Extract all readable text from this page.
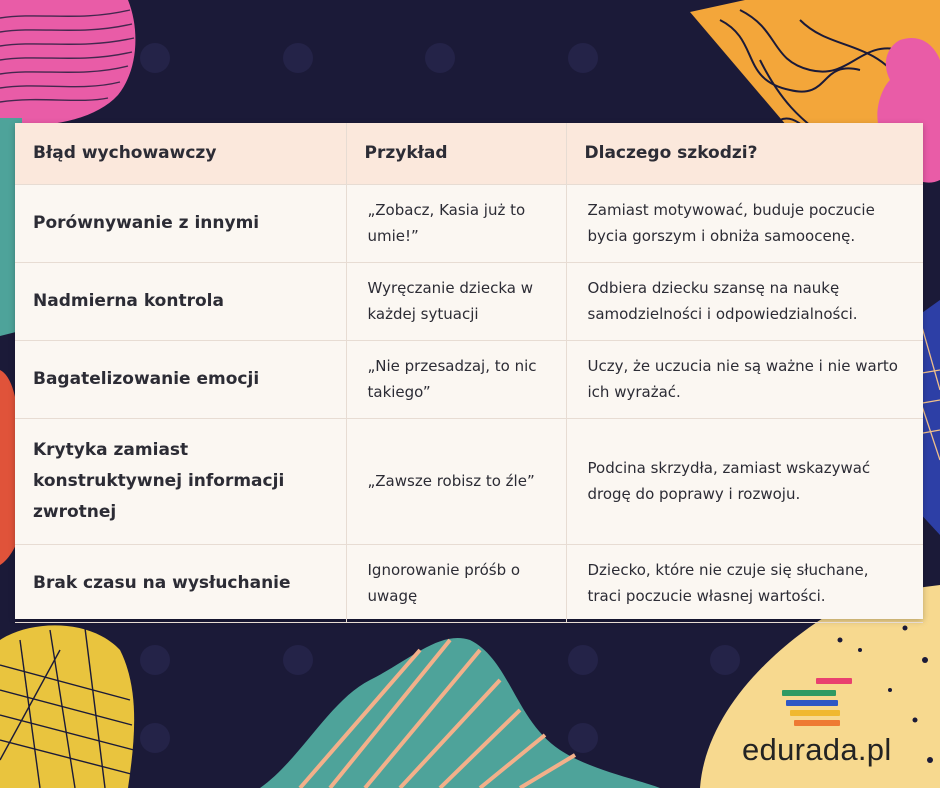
Błąd wychowawczy	Przykład	Dlaczego szkodzi?
Porównywanie z innymi	„Zobacz, Kasia już to umie!”	Zamiast motywować, buduje poczucie bycia gorszym i obniża samoocenę.
Nadmierna kontrola	Wyręczanie dziecka w każdej sytuacji	Odbiera dziecku szansę na naukę samodzielności i odpowiedzialności.
Bagatelizowanie emocji	„Nie przesadzaj, to nic takiego”	Uczy, że uczucia nie są ważne i nie warto ich wyrażać.
Krytyka zamiast konstruktywnej informacji zwrotnej	„Zawsze robisz to źle”	Podcina skrzydła, zamiast wskazywać drogę do poprawy i rozwoju.
Brak czasu na wysłuchanie	Ignorowanie próśb o uwagę	Dziecko, które nie czuje się słuchane, traci poczucie własnej wartości.
edurada.pl
